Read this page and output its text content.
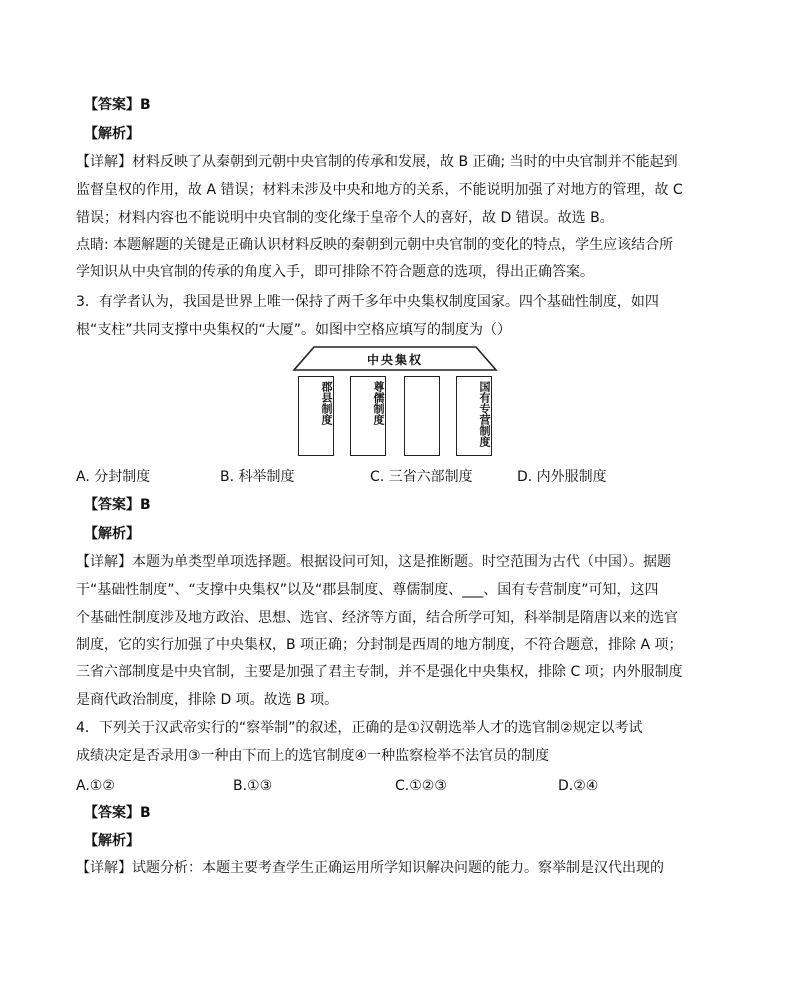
【答案】B
【解析】
【详解】材料反映了从秦朝到元朝中央官制的传承和发展，故 B 正确; 当时的中央官制并不能起到
监督皇权的作用，故 A 错误；材料未涉及中央和地方的关系，不能说明加强了对地方的管理，故 C
错误；材料内容也不能说明中央官制的变化缘于皇帝个人的喜好，故 D 错误。故选 B。
点睛: 本题解题的关键是正确认识材料反映的秦朝到元朝中央官制的变化的特点，学生应该结合所
学知识从中央官制的传承的角度入手，即可排除不符合题意的选项，得出正确答案。
3．有学者认为，我国是世界上唯一保持了两千多年中央集权制度国家。四个基础性制度，如四
根“支柱”共同支撑中央集权的“大厦”。如图中空格应填写的制度为（）
中央集权
郡县制度	尊儒制度	国有专营制度
A. 分封制度	B. 科举制度	C. 三省六部制度	D. 内外服制度
【答案】B
【解析】
【详解】本题为单类型单项选择题。根据设问可知，这是推断题。时空范围为古代（中国）。据题
干“基础性制度”、“支撑中央集权”以及“郡县制度、尊儒制度、___、国有专营制度”可知，这四
个基础性制度涉及地方政治、思想、选官、经济等方面，结合所学可知，科举制是隋唐以来的选官
制度，它的实行加强了中央集权，B 项正确；分封制是西周的地方制度，不符合题意，排除 A 项；
三省六部制度是中央官制，主要是加强了君主专制，并不是强化中央集权，排除 C 项；内外服制度
是商代政治制度，排除 D 项。故选 B 项。
4．下列关于汉武帝实行的“察举制”的叙述，正确的是①汉朝选举人才的选官制②规定以考试
成绩决定是否录用③一种由下而上的选官制度④一种监察检举不法官员的制度
A.①②	B.①③	C.①②③	D.②④
【答案】B
【解析】
【详解】试题分析：本题主要考查学生正确运用所学知识解决问题的能力。察举制是汉代出现的
